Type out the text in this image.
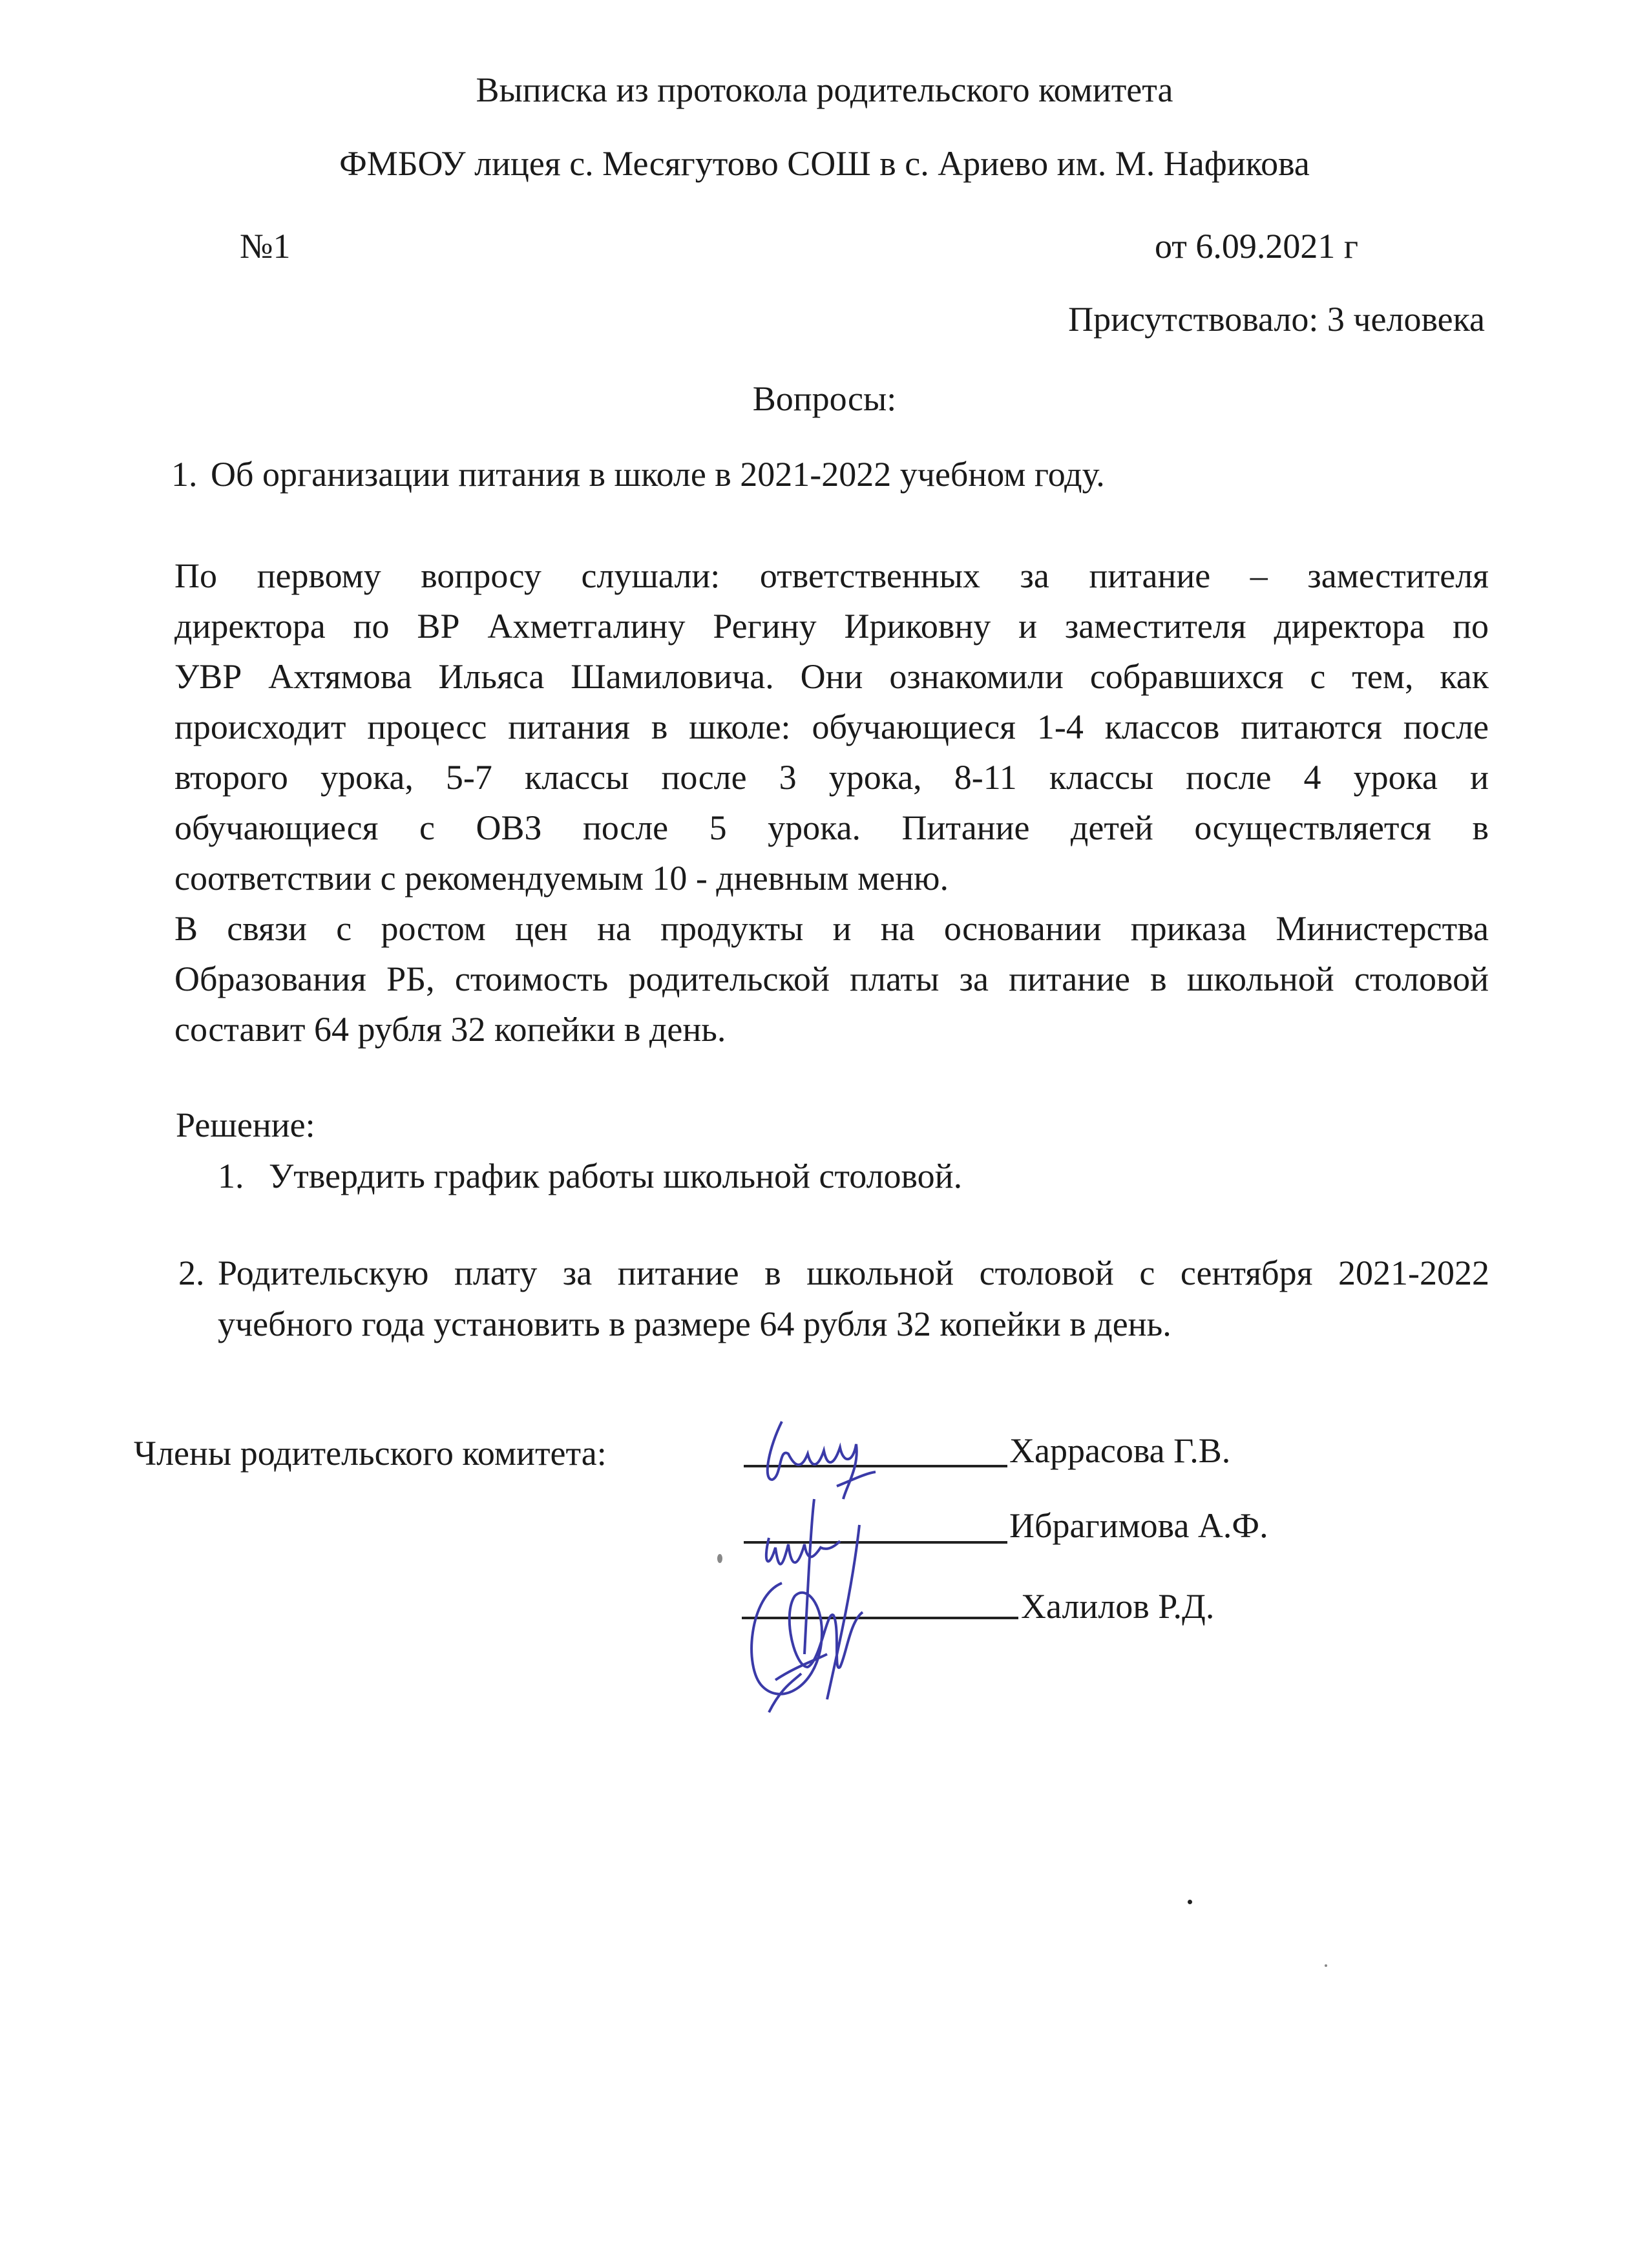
Выписка из протокола родительского комитета
ФМБОУ лицея с. Месягутово СОШ в с. Ариево им. М. Нафикова
№1	от 6.09.2021 г
Присутствовало: 3 человека
Вопросы:
1. Об организации питания в школе в 2021-2022 учебном году.
По первому вопросу слушали: ответственных за питание – заместителя
директора по ВР Ахметгалину Регину Ириковну и заместителя директора по
УВР Ахтямова Ильяса Шамиловича. Они ознакомили собравшихся с тем, как
происходит процесс питания в школе: обучающиеся 1-4 классов питаются после
второго урока, 5-7 классы после 3 урока, 8-11 классы после 4 урока и
обучающиеся с ОВЗ после 5 урока. Питание детей осуществляется в
соответствии с рекомендуемым 10 - дневным меню.
В связи с ростом цен на продукты и на основании приказа Министерства
Образования РБ, стоимость родительской платы за питание в школьной столовой
составит 64 рубля 32 копейки в день.
Решение:
1. Утвердить график работы школьной столовой.
2. Родительскую плату за питание в школьной столовой с сентября 2021-2022
учебного года установить в размере 64 рубля 32 копейки в день.
Члены родительского комитета:	Харрасова Г.В.
Ибрагимова А.Ф.
Халилов Р.Д.
